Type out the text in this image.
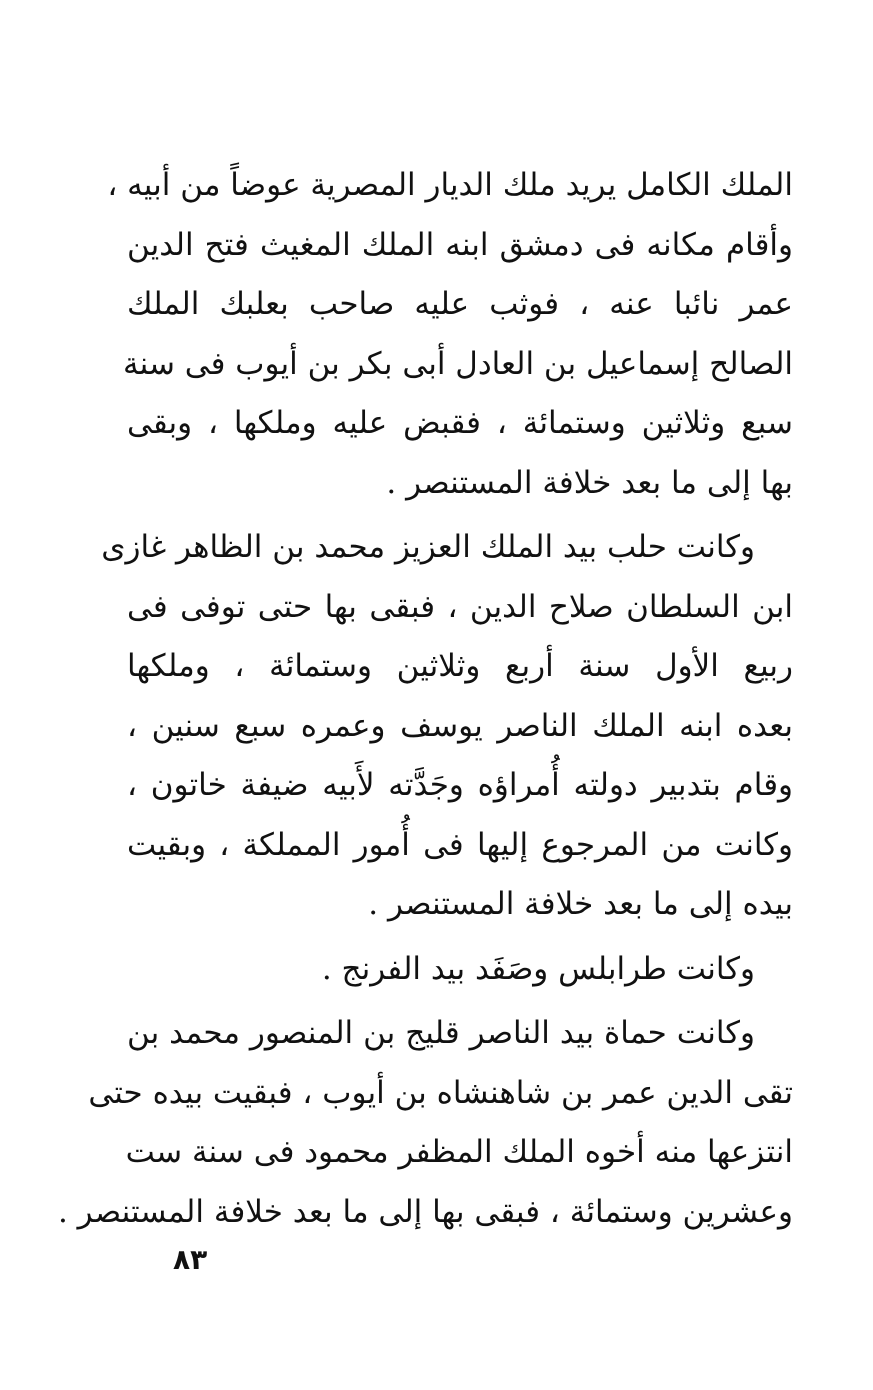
الملك الكامل يريد ملك الديار المصرية عوضاً من أبيه ،
وأقام مكانه فى دمشق ابنه الملك المغيث فتح الدين
عمر نائبا عنه ، فوثب عليه صاحب بعلبك الملك
الصالح إسماعيل بن العادل أبى بكر بن أيوب فى سنة
سبع وثلاثين وستمائة ، فقبض عليه وملكها ، وبقى
بها إلى ما بعد خلافة المستنصر .
وكانت حلب بيد الملك العزيز محمد بن الظاهر غازى
ابن السلطان صلاح الدين ، فبقى بها حتى توفى فى
ربيع الأول سنة أربع وثلاثين وستمائة ، وملكها
بعده ابنه الملك الناصر يوسف وعمره سبع سنين ،
وقام بتدبير دولته أُمراؤه وجَدَّته لأَبيه ضيفة خاتون ،
وكانت من المرجوع إليها فى أُمور المملكة ، وبقيت
بيده إلى ما بعد خلافة المستنصر .
وكانت طرابلس وصَفَد بيد الفرنج .
وكانت حماة بيد الناصر قليج بن المنصور محمد بن
تقى الدين عمر بن شاهنشاه بن أيوب ، فبقيت بيده حتى
انتزعها منه أخوه الملك المظفر محمود فى سنة ست
وعشرين وستمائة ، فبقى بها إلى ما بعد خلافة المستنصر .
٨٣
